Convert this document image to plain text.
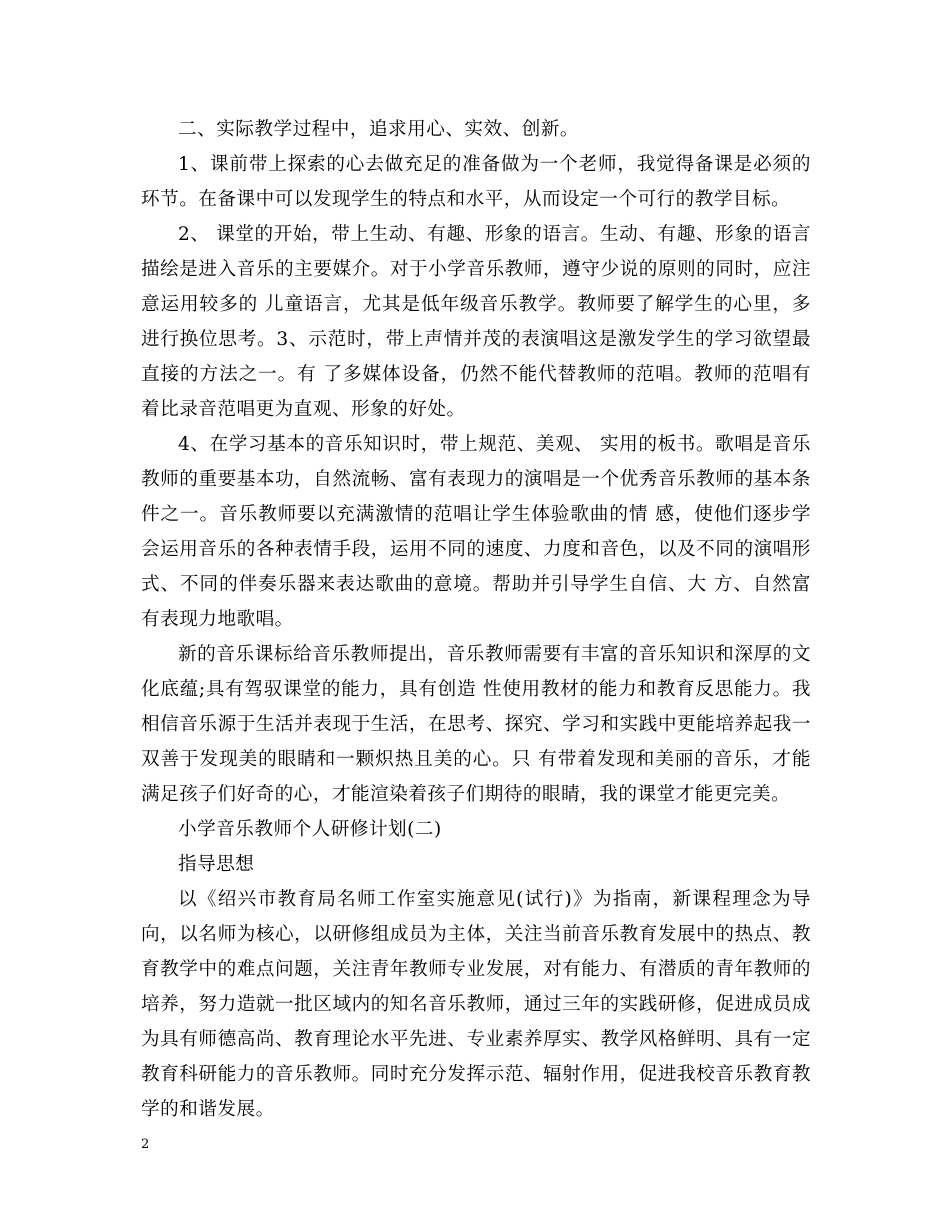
二、实际教学过程中，追求用心、实效、创新。

1、课前带上探索的心去做充足的准备做为一个老师，我觉得备课是必须的环节。在备课中可以发现学生的特点和水平，从而设定一个可行的教学目标。

2、 课堂的开始，带上生动、有趣、形象的语言。生动、有趣、形象的语言描绘是进入音乐的主要媒介。对于小学音乐教师，遵守少说的原则的同时，应注意运用较多的 儿童语言，尤其是低年级音乐教学。教师要了解学生的心里，多进行换位思考。3、示范时，带上声情并茂的表演唱这是激发学生的学习欲望最直接的方法之一。有 了多媒体设备，仍然不能代替教师的范唱。教师的范唱有着比录音范唱更为直观、形象的好处。

4、在学习基本的音乐知识时，带上规范、美观、 实用的板书。歌唱是音乐教师的重要基本功，自然流畅、富有表现力的演唱是一个优秀音乐教师的基本条件之一。音乐教师要以充满激情的范唱让学生体验歌曲的情 感，使他们逐步学会运用音乐的各种表情手段，运用不同的速度、力度和音色，以及不同的演唱形式、不同的伴奏乐器来表达歌曲的意境。帮助并引导学生自信、大 方、自然富有表现力地歌唱。

新的音乐课标给音乐教师提出，音乐教师需要有丰富的音乐知识和深厚的文化底蕴;具有驾驭课堂的能力，具有创造 性使用教材的能力和教育反思能力。我相信音乐源于生活并表现于生活，在思考、探究、学习和实践中更能培养起我一双善于发现美的眼睛和一颗炽热且美的心。只 有带着发现和美丽的音乐，才能满足孩子们好奇的心，才能渲染着孩子们期待的眼睛，我的课堂才能更完美。

小学音乐教师个人研修计划(二)

指导思想

以《绍兴市教育局名师工作室实施意见(试行)》为指南，新课程理念为导向，以名师为核心，以研修组成员为主体，关注当前音乐教育发展中的热点、教育教学中的难点问题，关注青年教师专业发展，对有能力、有潜质的青年教师的培养，努力造就一批区域内的知名音乐教师，通过三年的实践研修，促进成员成为具有师德高尚、教育理论水平先进、专业素养厚实、教学风格鲜明、具有一定教育科研能力的音乐教师。同时充分发挥示范、辐射作用，促进我校音乐教育教学的和谐发展。

2
